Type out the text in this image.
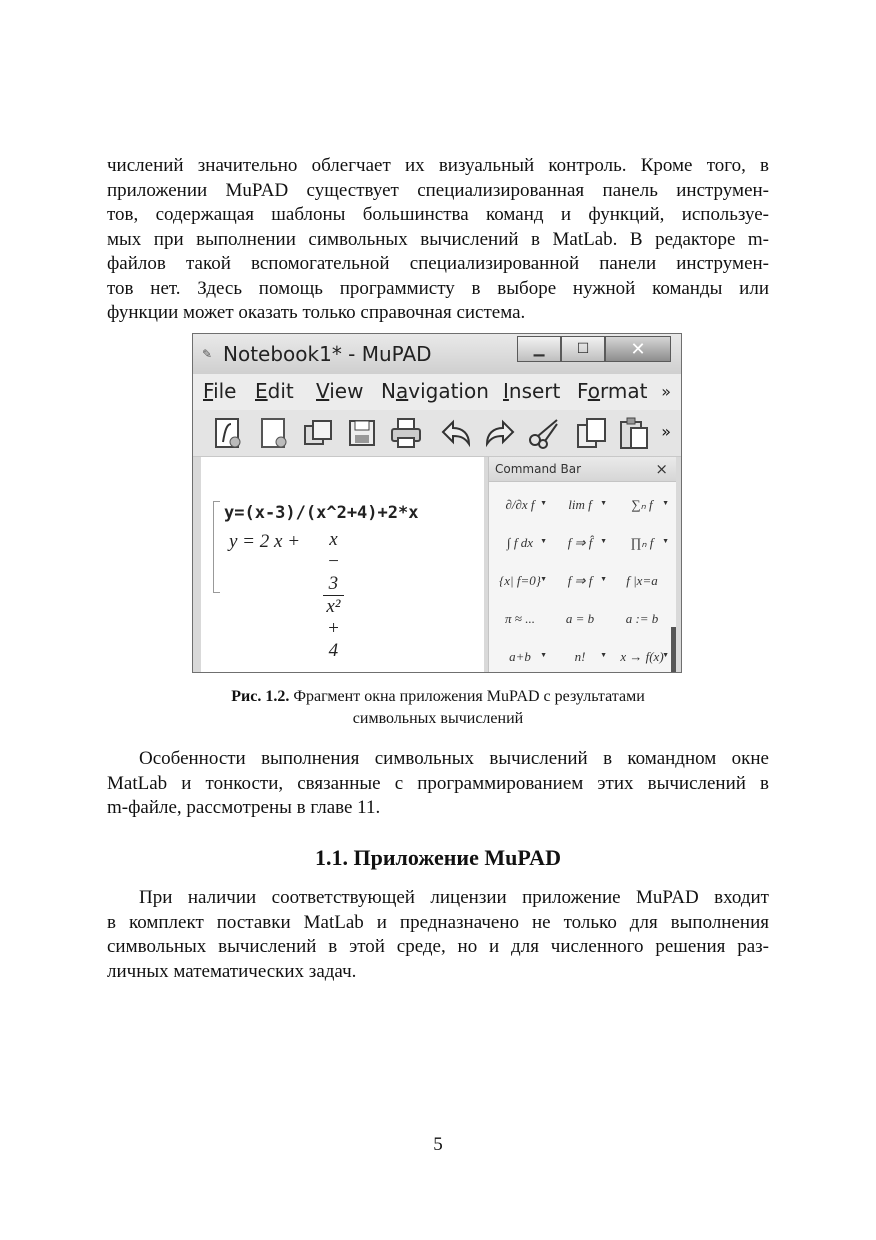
числений значительно облегчает их визуальный контроль. Кроме того, в
приложении MuPAD существует специализированная панель инструмен-
тов, содержащая шаблоны большинства команд и функций, используе-
мых при выполнении символьных вычислений в MatLab. В редакторе m-
файлов такой вспомогательной специализированной панели инструмен-
тов нет. Здесь помощь программисту в выборе нужной команды или
функции может оказать только справочная система.
✎ Notebook1* - MuPAD	▁ ☐ ✕
File Edit View Navigation Insert Format »
»
y=(x-3)/(x^2+4)+2*x
y = 2 $x + \frac{x - 3}{\text{x² + 4}}$
Command Bar	×
∂/∂x f ▼	lim f ▼	∑ₙ f ▼
∫ f dx ▼	f ⇒ f̂ ▼	∏ₙ f ▼
{x| f=0} ▼	f ⇒ f ▼	f |x=a
π ≈ ...	a = b	a := b
a+b ▼	n! ▼	x → f(x)
▼
Рис. 1.2. Фрагмент окна приложения MuPAD с результатами
символьных вычислений
Особенности выполнения символьных вычислений в командном окне
MatLab и тонкости, связанные с программированием этих вычислений в
m-файле, рассмотрены в главе 11.
1.1. Приложение MuPAD
При наличии соответствующей лицензии приложение MuPAD входит
в комплект поставки MatLab и предназначено не только для выполнения
символьных вычислений в этой среде, но и для численного решения раз-
личных математических задач.
5
